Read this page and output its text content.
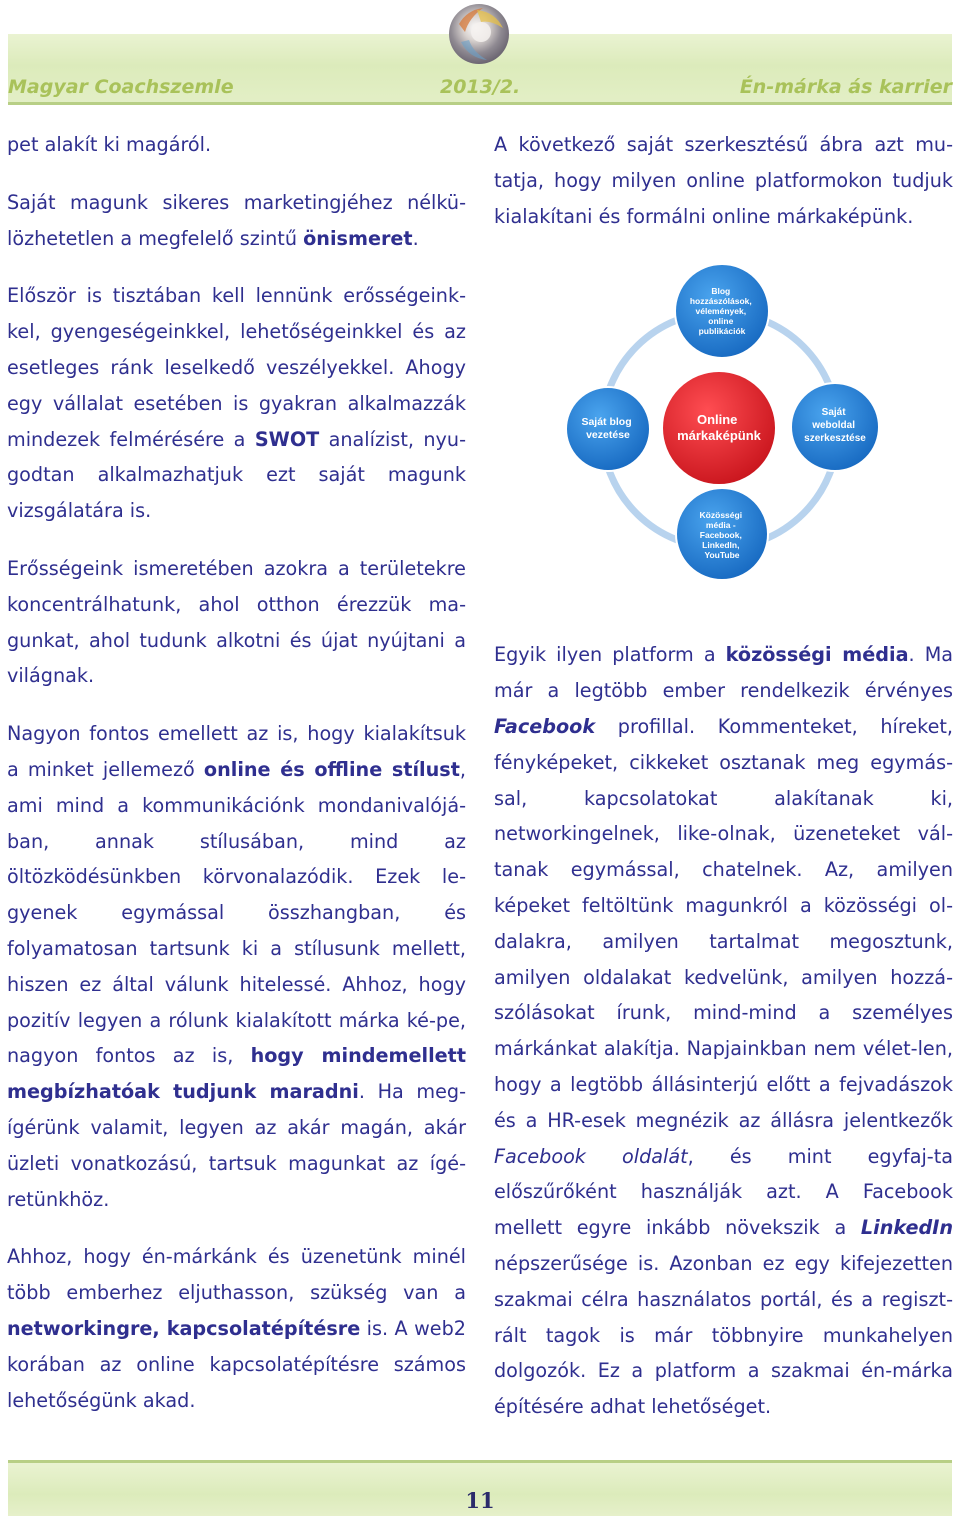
Magyar Coachszemle	2013/2.	Én-márka ás karrier

pet alakít ki magáról.

Saját magunk sikeres marketingjéhez nélkü-lözhetetlen a megfelelő szintű önismeret.

Először is tisztában kell lennünk erősségeink-kel, gyengeségeinkkel, lehetőségeinkkel és az esetleges ránk leselkedő veszélyekkel. Ahogy egy vállalat esetében is gyakran alkalmazzák mindezek felmérésére a SWOT analízist, nyu-godtan alkalmazhatjuk ezt saját magunk vizsgálatára is.

Erősségeink ismeretében azokra a területekre koncentrálhatunk, ahol otthon érezzük ma-gunkat, ahol tudunk alkotni és újat nyújtani a világnak.

Nagyon fontos emellett az is, hogy kialakítsuk a minket jellemező online és offline stílust, ami mind a kommunikációnk mondanivalójá-ban, annak stílusában, mind az öltözködésünkben körvonalazódik. Ezek le-gyenek egymással összhangban, és folyamatosan tartsunk ki a stílusunk mellett, hiszen ez által válunk hitelessé. Ahhoz, hogy pozitív legyen a rólunk kialakított márka ké-pe, nagyon fontos az is, hogy mindemellett megbízhatóak tudjunk maradni. Ha meg-ígérünk valamit, legyen az akár magán, akár üzleti vonatkozású, tartsuk magunkat az ígé-retünkhöz.

Ahhoz, hogy én-márkánk és üzenetünk minél több emberhez eljuthasson, szükség van a networkingre, kapcsolatépítésre is. A web2 korában az online kapcsolatépítésre számos lehetőségünk akad.

A következő saját szerkesztésű ábra azt mu-tatja, hogy milyen online platformokon tudjuk kialakítani és formálni online márkaképünk.

Egyik ilyen platform a közösségi média. Ma már a legtöbb ember rendelkezik érvényes Facebook profillal. Kommenteket, híreket, fényképeket, cikkeket osztanak meg egymás-sal, kapcsolatokat alakítanak ki, networkingelnek, like-olnak, üzeneteket vál-tanak egymással, chatelnek. Az, amilyen képeket feltöltünk magunkról a közösségi ol-dalakra, amilyen tartalmat megosztunk, amilyen oldalakat kedvelünk, amilyen hozzá-szólásokat írunk, mind-mind a személyes márkánkat alakítja. Napjainkban nem vélet-len, hogy a legtöbb állásinterjú előtt a fejvadászok és a HR-esek megnézik az állásra jelentkezők Facebook oldalát, és mint egyfaj-ta előszűrőként használják azt. A Facebook mellett egyre inkább növekszik a LinkedIn népszerűsége is. Azonban ez egy kifejezetten szakmai célra használatos portál, és a regiszt-rált tagok is már többnyire munkahelyen dolgozók. Ez a platform a szakmai én-márka építésére adhat lehetőséget.

Online márkaképünk
Blog hozzászólások, vélemények, online publikációk
Saját blog vezetése
Saját weboldal szerkesztése
Közösségi média - Facebook, LinkedIn, YouTube
11
